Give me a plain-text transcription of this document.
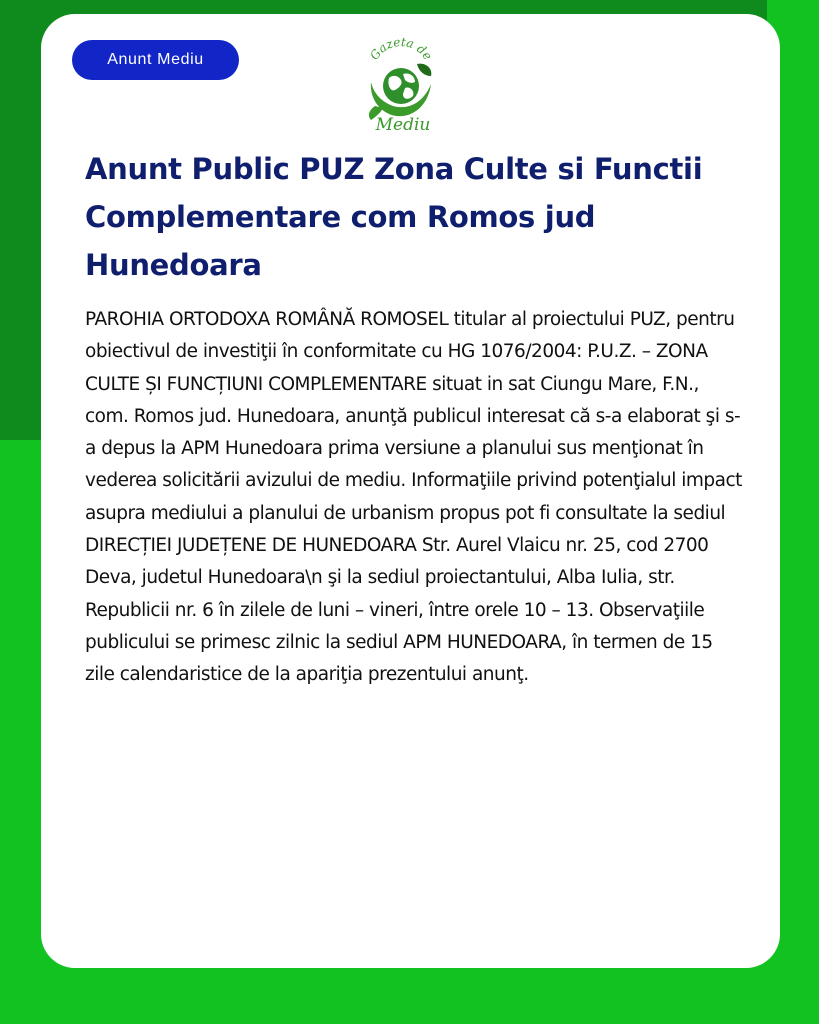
Anunt Mediu	Gazeta de
Mediu
Anunt Public PUZ Zona Culte si Functii Complementare com Romos jud Hunedoara

PAROHIA ORTODOXA ROMÂNĂ ROMOSEL titular al proiectului PUZ, pentru obiectivul de investiţii în conformitate cu HG 1076/2004: P.U.Z. – ZONA CULTE ȘI FUNCȚIUNI COMPLEMENTARE situat in sat Ciungu Mare, F.N., com. Romos jud. Hunedoara, anunţă publicul interesat că s-a elaborat şi s-a depus la APM Hunedoara prima versiune a planului sus menţionat în vederea solicitării avizului de mediu. Informaţiile privind potenţialul impact asupra mediului a planului de urbanism propus pot fi consultate la sediul DIRECȚIEI JUDEȚENE DE HUNEDOARA Str. Aurel Vlaicu nr. 25, cod 2700 Deva, judetul Hunedoara\n şi la sediul proiectantului, Alba Iulia, str. Republicii nr. 6 în zilele de luni – vineri, între orele 10 – 13. Observaţiile publicului se primesc zilnic la sediul APM HUNEDOARA, în termen de 15 zile calendaristice de la apariţia prezentului anunţ.
